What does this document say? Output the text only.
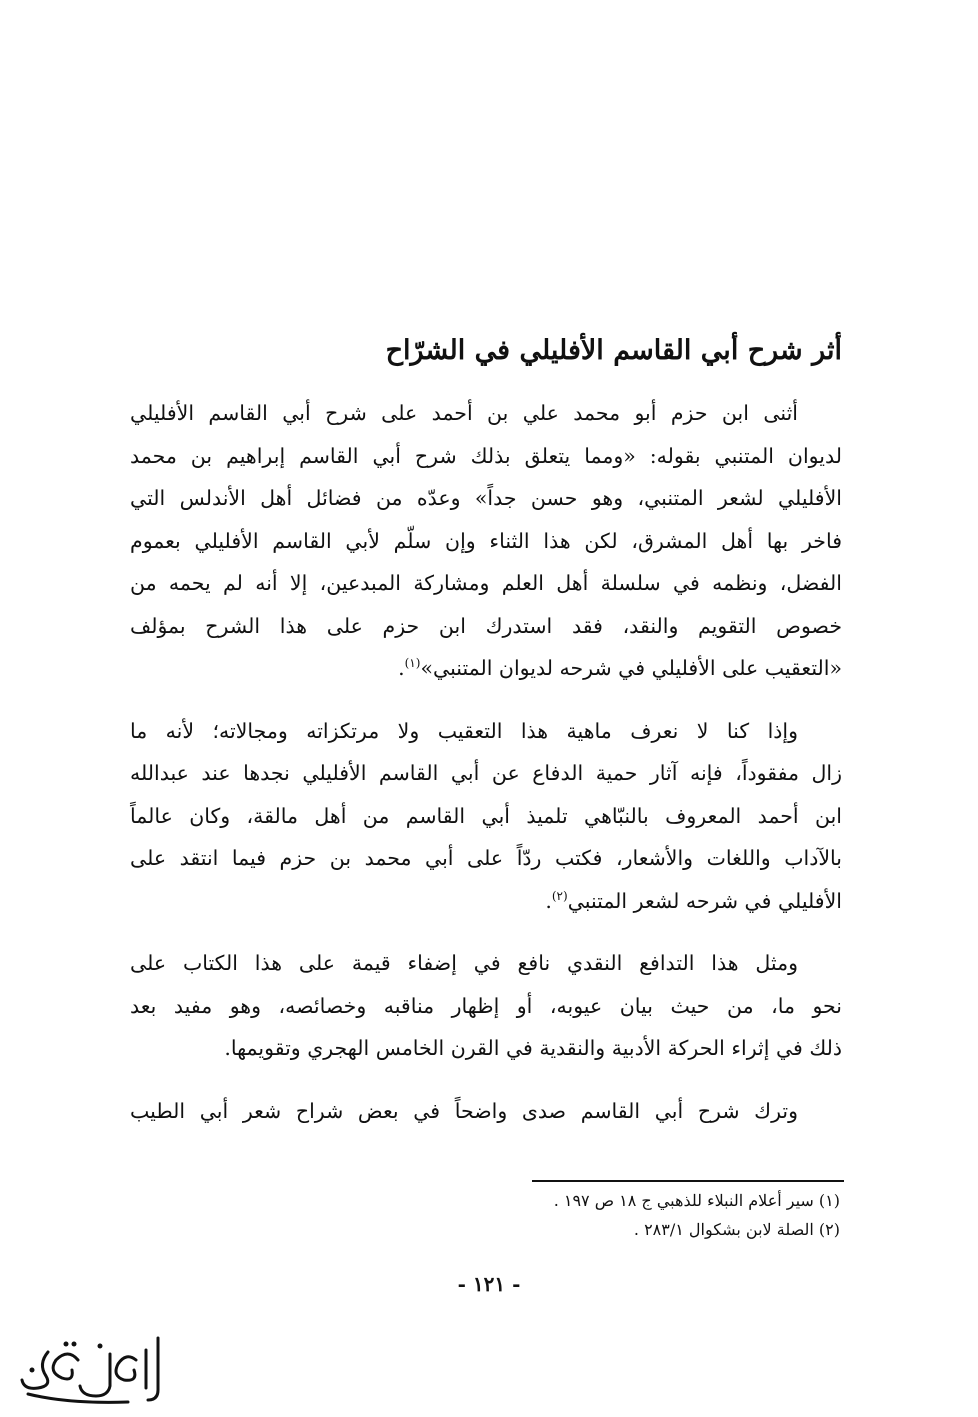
أثر شرح أبي القاسم الأفليلي في الشرّاح

أثنى ابن حزم أبو محمد علي بن أحمد على شرح أبي القاسم الأفليلي
لديوان المتنبي بقوله: «ومما يتعلق بذلك شرح أبي القاسم إبراهيم بن محمد
الأفليلي لشعر المتنبي، وهو حسن جداً» وعدّه من فضائل أهل الأندلس التي
فاخر بها أهل المشرق، لكن هذا الثناء وإن سلّم لأبي القاسم الأفليلي بعموم
الفضل، ونظمه في سلسلة أهل العلم ومشاركة المبدعين، إلا أنه لم يحمه من
خصوص التقويم والنقد، فقد استدرك ابن حزم على هذا الشرح بمؤلف
«التعقيب على الأفليلي في شرحه لديوان المتنبي»$^{(١)}$.

وإذا كنا لا نعرف ماهية هذا التعقيب ولا مرتكزاته ومجالاته؛ لأنه ما
زال مفقوداً، فإنه آثار حمية الدفاع عن أبي القاسم الأفليلي نجدها عند عبدالله
ابن أحمد المعروف بالنبّاهي تلميذ أبي القاسم من أهل مالقة، وكان عالماً
بالآداب واللغات والأشعار، فكتب ردّاً على أبي محمد بن حزم فيما انتقد على
الأفليلي في شرحه لشعر المتنبي$^{(٢)}$.

ومثل هذا التدافع النقدي نافع في إضفاء قيمة على هذا الكتاب على
نحو ما، من حيث بيان عيوبه، أو إظهار مناقبه وخصائصه، وهو مفيد بعد
ذلك في إثراء الحركة الأدبية والنقدية في القرن الخامس الهجري وتقويمها.

وترك شرح أبي القاسم صدى واضحاً في بعض شراح شعر أبي الطيب

(١) سير أعلام النبلاء للذهبي ج ١٨ ص ١٩٧ .
(٢) الصلة لابن بشكوال ٢٨٣/١ .
- ١٢١ -
